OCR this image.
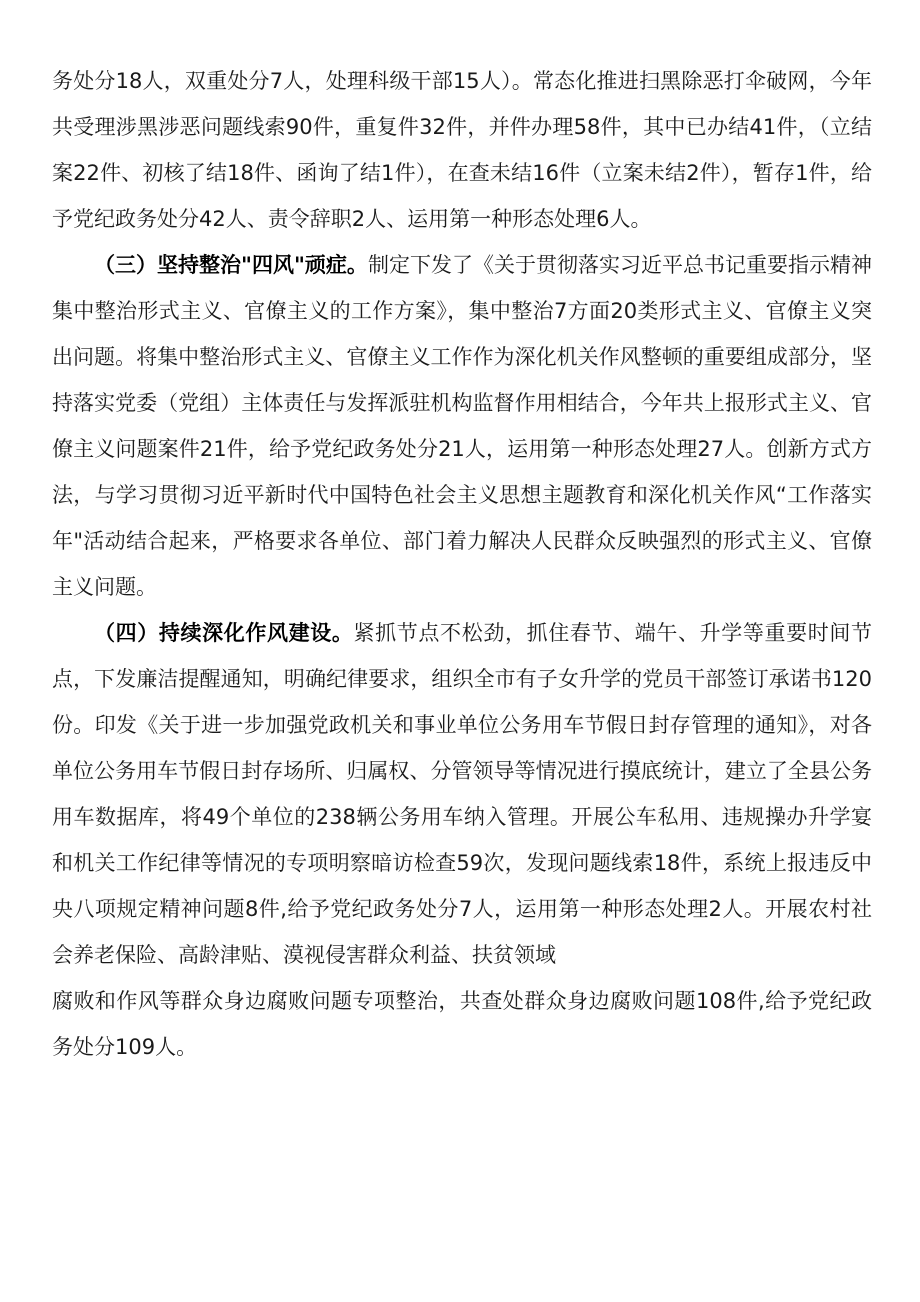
务处分18人，双重处分7人，处理科级干部15人）。常态化推进扫黑除恶打伞破网，今年共受理涉黑涉恶问题线索90件，重复件32件，并件办理58件，其中已办结41件，（立结案22件、初核了结18件、函询了结1件），在查未结16件（立案未结2件），暂存1件，给予党纪政务处分42人、责令辞职2人、运用第一种形态处理6人。

（三）坚持整治"四风"顽症。制定下发了《关于贯彻落实习近平总书记重要指示精神集中整治形式主义、官僚主义的工作方案》，集中整治7方面20类形式主义、官僚主义突出问题。将集中整治形式主义、官僚主义工作作为深化机关作风整顿的重要组成部分，坚持落实党委（党组）主体责任与发挥派驻机构监督作用相结合，今年共上报形式主义、官僚主义问题案件21件，给予党纪政务处分21人，运用第一种形态处理27人。创新方式方法，与学习贯彻习近平新时代中国特色社会主义思想主题教育和深化机关作风“工作落实年"活动结合起来，严格要求各单位、部门着力解决人民群众反映强烈的形式主义、官僚主义问题。

（四）持续深化作风建设。紧抓节点不松劲，抓住春节、端午、升学等重要时间节点，下发廉洁提醒通知，明确纪律要求，组织全市有子女升学的党员干部签订承诺书120份。印发《关于进一步加强党政机关和事业单位公务用车节假日封存管理的通知》，对各单位公务用车节假日封存场所、归属权、分管领导等情况进行摸底统计，建立了全县公务用车数据库，将49个单位的238辆公务用车纳入管理。开展公车私用、违规操办升学宴和机关工作纪律等情况的专项明察暗访检查59次，发现问题线索18件，系统上报违反中央八项规定精神问题8件,给予党纪政务处分7人，运用第一种形态处理2人。开展农村社会养老保险、高龄津贴、漠视侵害群众利益、扶贫领域

腐败和作风等群众身边腐败问题专项整治，共查处群众身边腐败问题108件,给予党纪政务处分109人。
